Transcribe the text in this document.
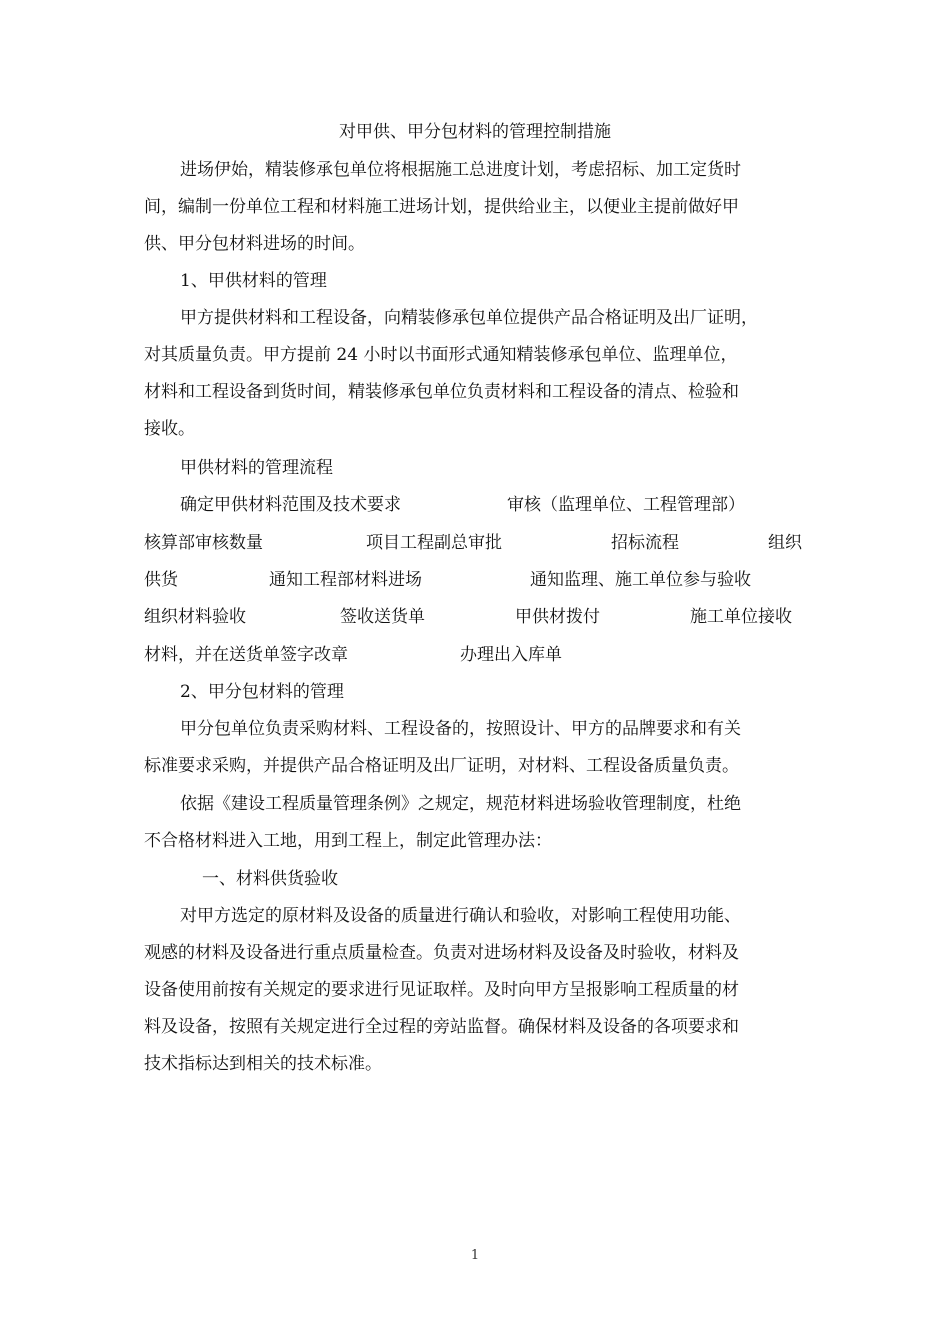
对甲供、甲分包材料的管理控制措施
进场伊始，精装修承包单位将根据施工总进度计划，考虑招标、加工定货时
间，编制一份单位工程和材料施工进场计划，提供给业主，以便业主提前做好甲
供、甲分包材料进场的时间。
1、甲供材料的管理
甲方提供材料和工程设备，向精装修承包单位提供产品合格证明及出厂证明，
对其质量负责。甲方提前 24 小时以书面形式通知精装修承包单位、监理单位，
材料和工程设备到货时间，精装修承包单位负责材料和工程设备的清点、检验和
接收。
甲供材料的管理流程
确定甲供材料范围及技术要求	审核（监理单位、工程管理部）
核算部审核数量	项目工程副总审批	招标流程	组织
供货	通知工程部材料进场	通知监理、施工单位参与验收
组织材料验收	签收送货单	甲供材拨付	施工单位接收
材料，并在送货单签字改章	办理出入库单
2、甲分包材料的管理
甲分包单位负责采购材料、工程设备的，按照设计、甲方的品牌要求和有关
标准要求采购，并提供产品合格证明及出厂证明，对材料、工程设备质量负责。
依据《建设工程质量管理条例》之规定，规范材料进场验收管理制度，杜绝
不合格材料进入工地，用到工程上，制定此管理办法：
一、材料供货验收
对甲方选定的原材料及设备的质量进行确认和验收，对影响工程使用功能、
观感的材料及设备进行重点质量检查。负责对进场材料及设备及时验收，材料及
设备使用前按有关规定的要求进行见证取样。及时向甲方呈报影响工程质量的材
料及设备，按照有关规定进行全过程的旁站监督。确保材料及设备的各项要求和
技术指标达到相关的技术标准。
1
